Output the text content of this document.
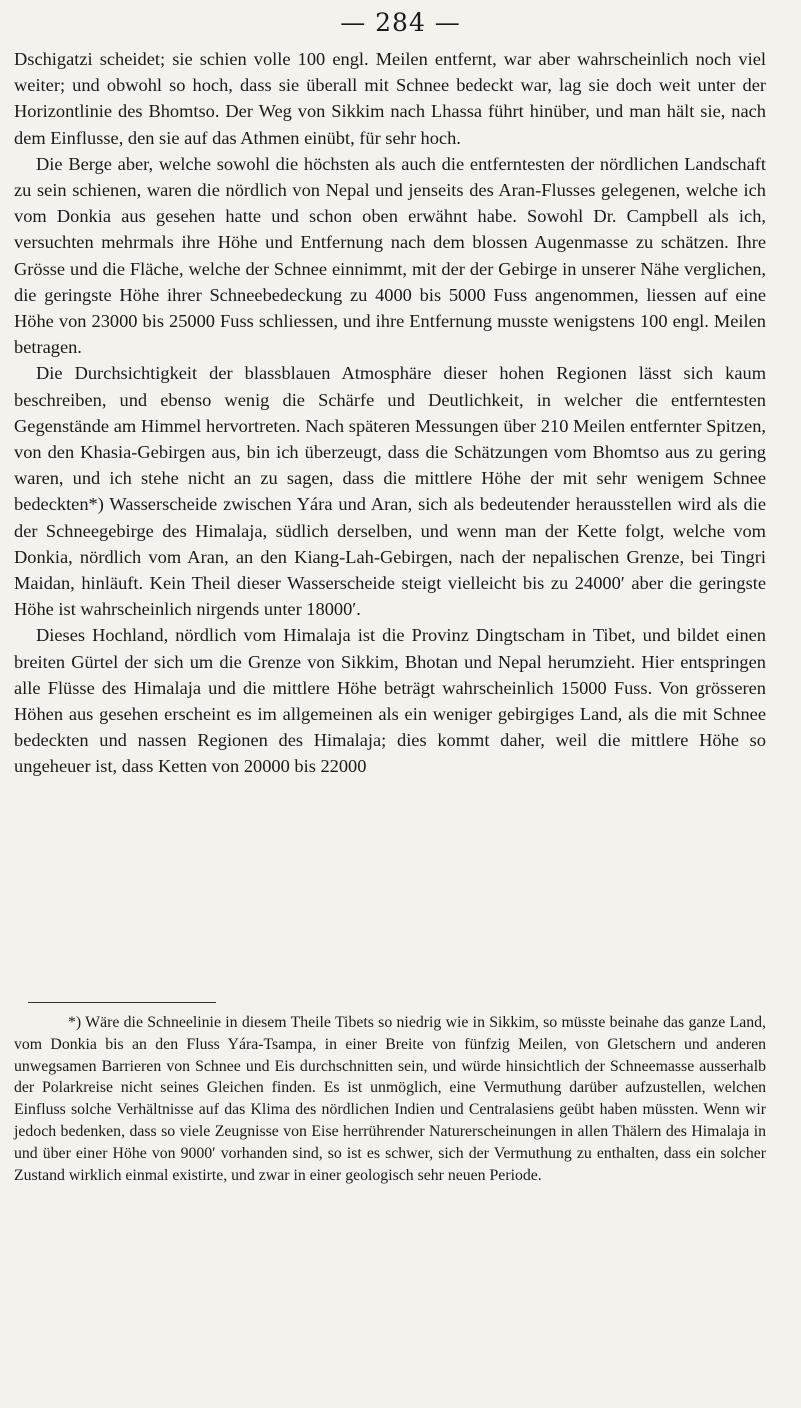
— 284 —

Dschigatzi scheidet; sie schien volle 100 engl. Meilen entfernt, war aber wahrscheinlich noch viel weiter; und obwohl so hoch, dass sie überall mit Schnee bedeckt war, lag sie doch weit unter der Horizontlinie des Bhomtso. Der Weg von Sikkim nach Lhassa führt hinüber, und man hält sie, nach dem Einflusse, den sie auf das Athmen einübt, für sehr hoch.

Die Berge aber, welche sowohl die höchsten als auch die entferntesten der nördlichen Landschaft zu sein schienen, waren die nördlich von Nepal und jenseits des Aran-Flusses gelegenen, welche ich vom Donkia aus gesehen hatte und schon oben erwähnt habe. Sowohl Dr. Campbell als ich, versuchten mehrmals ihre Höhe und Entfernung nach dem blossen Augenmasse zu schätzen. Ihre Grösse und die Fläche, welche der Schnee einnimmt, mit der der Gebirge in unserer Nähe verglichen, die geringste Höhe ihrer Schneebedeckung zu 4000 bis 5000 Fuss angenommen, liessen auf eine Höhe von 23000 bis 25000 Fuss schliessen, und ihre Entfernung musste wenigstens 100 engl. Meilen betragen.

Die Durchsichtigkeit der blassblauen Atmosphäre dieser hohen Regionen lässt sich kaum beschreiben, und ebenso wenig die Schärfe und Deutlichkeit, in welcher die entferntesten Gegenstände am Himmel hervortreten. Nach späteren Messungen über 210 Meilen entfernter Spitzen, von den Khasia-Gebirgen aus, bin ich überzeugt, dass die Schätzungen vom Bhomtso aus zu gering waren, und ich stehe nicht an zu sagen, dass die mittlere Höhe der mit sehr wenigem Schnee bedeckten*) Wasserscheide zwischen Yára und Aran, sich als bedeutender herausstellen wird als die der Schneegebirge des Himalaja, südlich derselben, und wenn man der Kette folgt, welche vom Donkia, nördlich vom Aran, an den Kiang-Lah-Gebirgen, nach der nepalischen Grenze, bei Tingri Maidan, hinläuft. Kein Theil dieser Wasserscheide steigt vielleicht bis zu 24000′ aber die geringste Höhe ist wahrscheinlich nirgends unter 18000′.

Dieses Hochland, nördlich vom Himalaja ist die Provinz Dingtscham in Tibet, und bildet einen breiten Gürtel der sich um die Grenze von Sikkim, Bhotan und Nepal herumzieht. Hier entspringen alle Flüsse des Himalaja und die mittlere Höhe beträgt wahrscheinlich 15000 Fuss. Von grösseren Höhen aus gesehen erscheint es im allgemeinen als ein weniger gebirgiges Land, als die mit Schnee bedeckten und nassen Regionen des Himalaja; dies kommt daher, weil die mittlere Höhe so ungeheuer ist, dass Ketten von 20000 bis 22000

*) Wäre die Schneelinie in diesem Theile Tibets so niedrig wie in Sikkim, so müsste beinahe das ganze Land, vom Donkia bis an den Fluss Yára-Tsampa, in einer Breite von fünfzig Meilen, von Gletschern und anderen unwegsamen Barrieren von Schnee und Eis durchschnitten sein, und würde hinsichtlich der Schneemasse ausserhalb der Polarkreise nicht seines Gleichen finden. Es ist unmöglich, eine Vermuthung darüber aufzustellen, welchen Einfluss solche Verhältnisse auf das Klima des nördlichen Indien und Centralasiens geübt haben müssten. Wenn wir jedoch bedenken, dass so viele Zeugnisse von Eise herrührender Naturerscheinungen in allen Thälern des Himalaja in und über einer Höhe von 9000′ vorhanden sind, so ist es schwer, sich der Vermuthung zu enthalten, dass ein solcher Zustand wirklich einmal existirte, und zwar in einer geologisch sehr neuen Periode.
